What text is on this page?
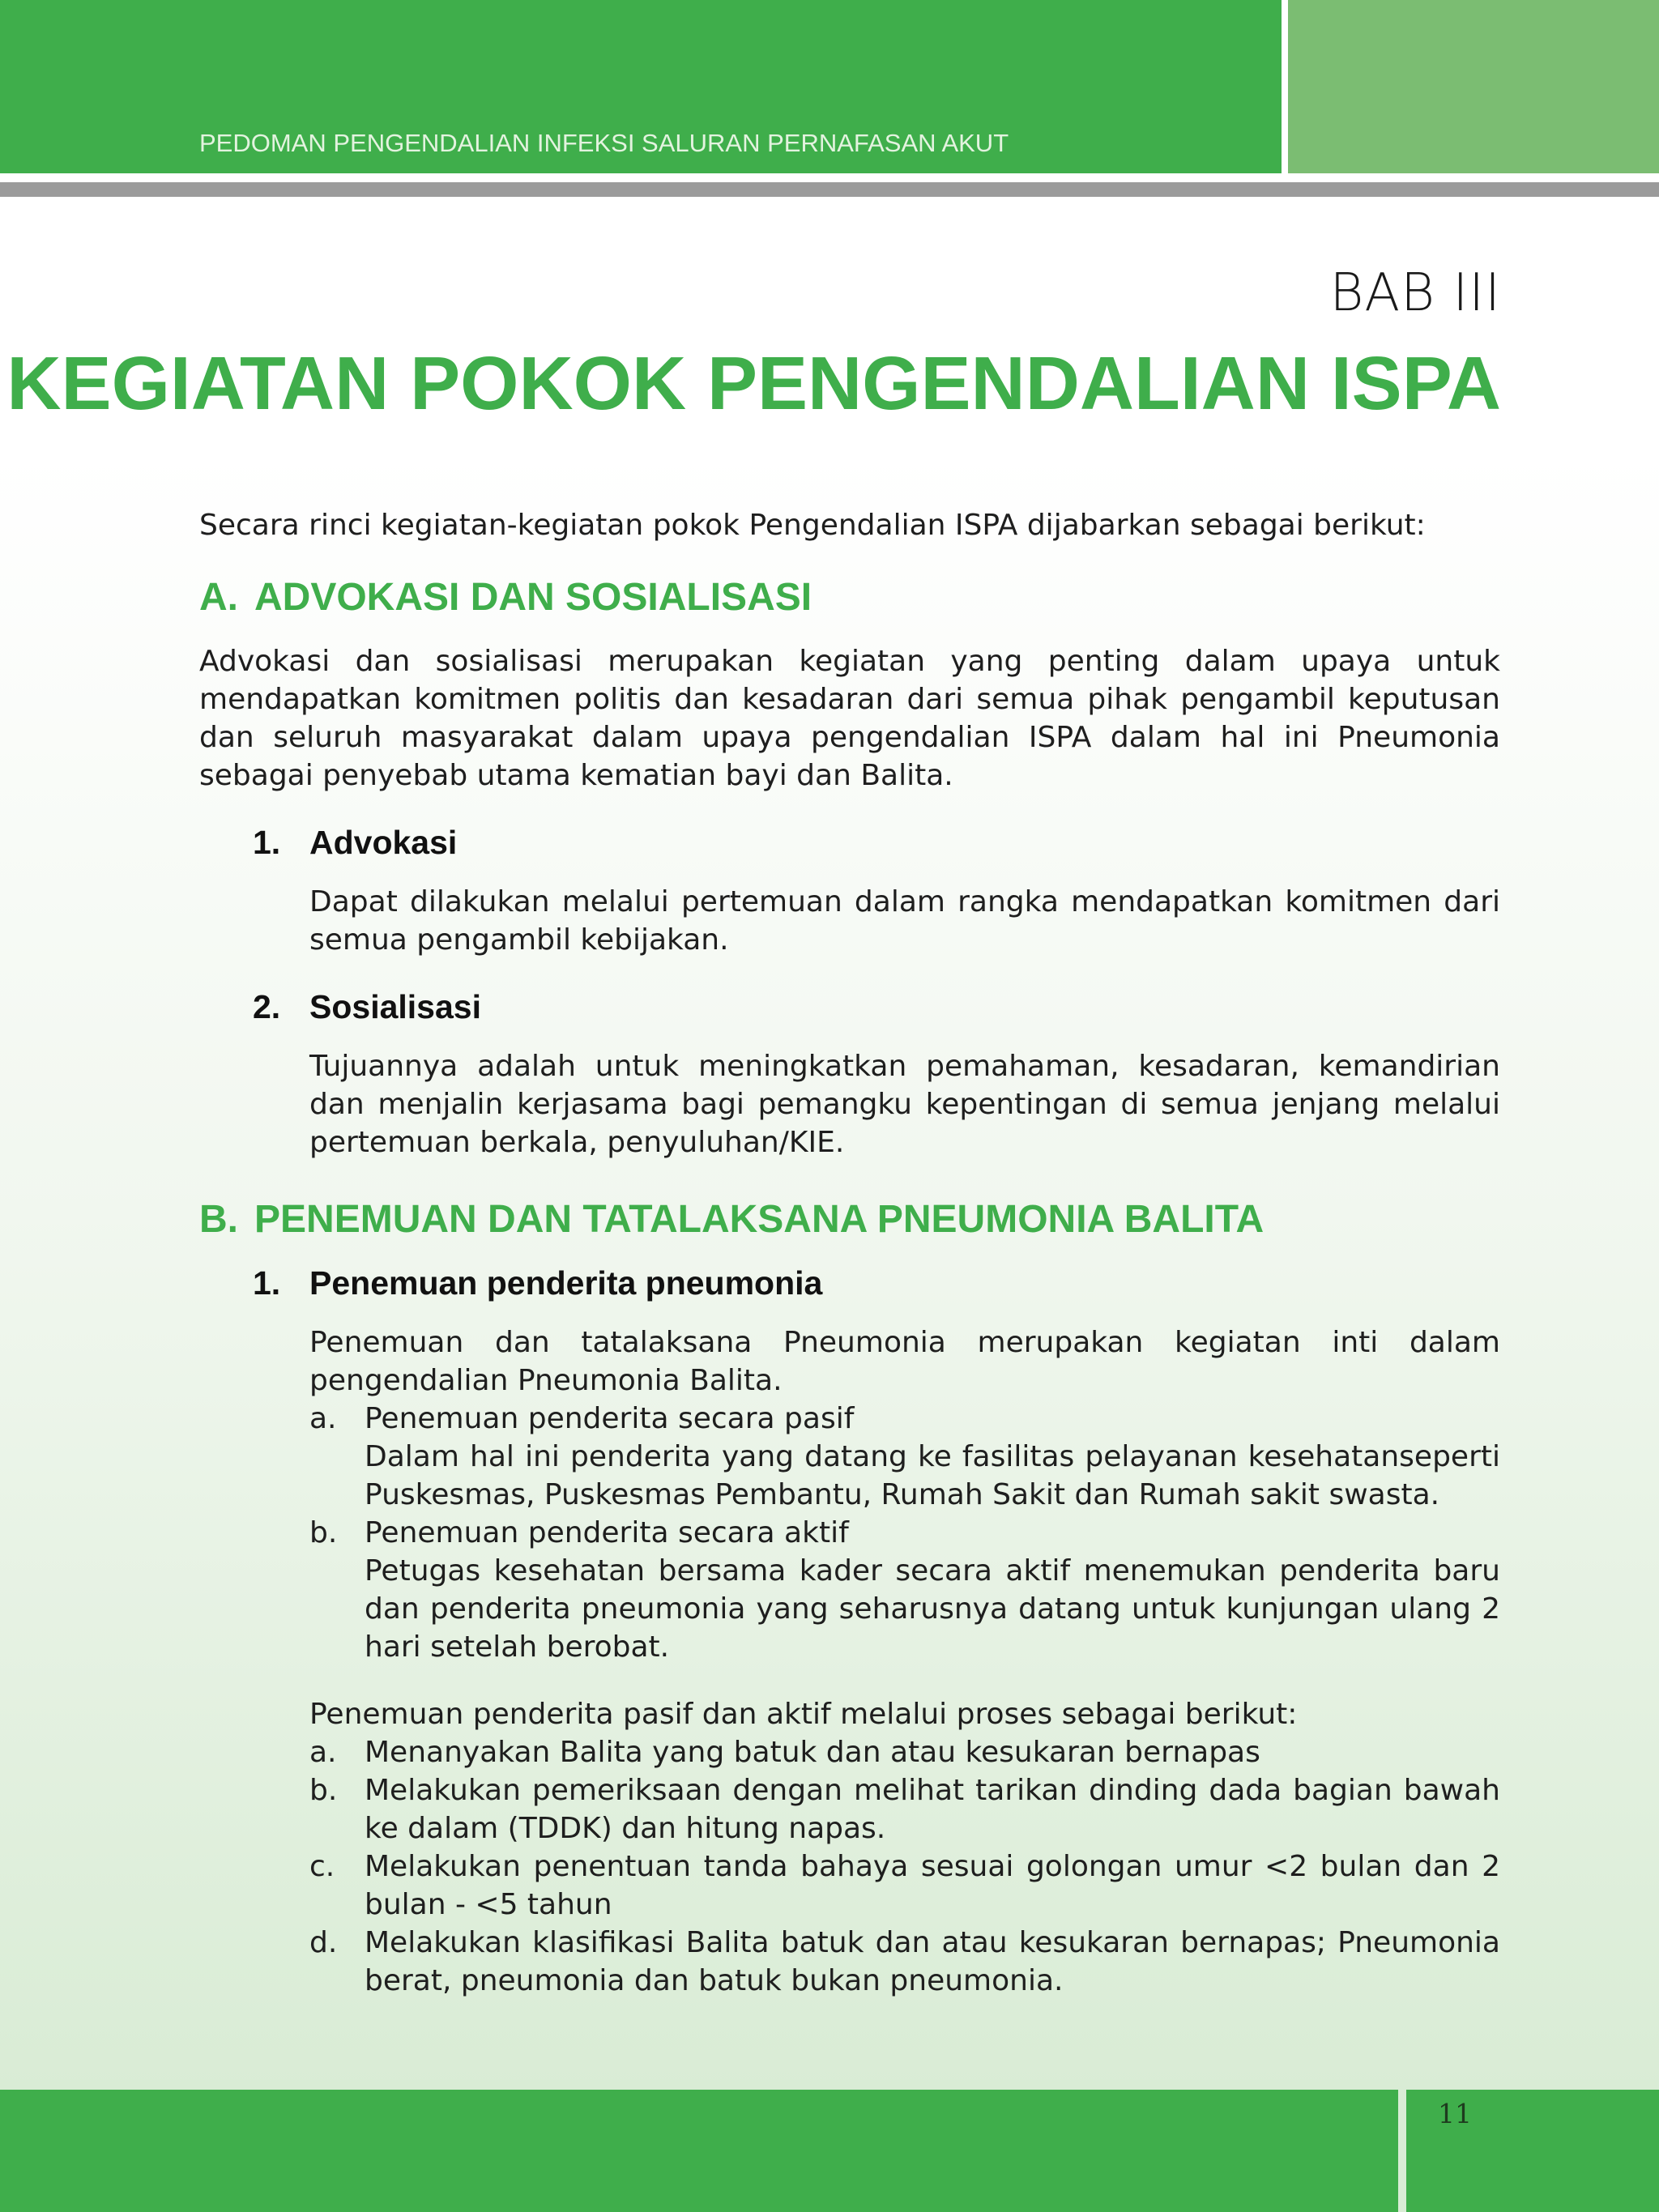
PEDOMAN PENGENDALIAN INFEKSI SALURAN PERNAFASAN AKUT

BAB III
KEGIATAN POKOK PENGENDALIAN ISPA

Secara rinci kegiatan-kegiatan pokok Pengendalian ISPA dijabarkan sebagai berikut:

A. ADVOKASI DAN SOSIALISASI

Advokasi dan sosialisasi merupakan kegiatan yang penting dalam upaya untuk mendapatkan komitmen politis dan kesadaran dari semua pihak pengambil keputusan dan seluruh masyarakat dalam upaya pengendalian ISPA dalam hal ini Pneumonia sebagai penyebab utama kematian bayi dan Balita.

1. Advokasi

Dapat dilakukan melalui pertemuan dalam rangka mendapatkan komitmen dari semua pengambil kebijakan.

2. Sosialisasi

Tujuannya adalah untuk meningkatkan pemahaman, kesadaran, kemandirian dan menjalin kerjasama bagi pemangku kepentingan di semua jenjang melalui pertemuan berkala, penyuluhan/KIE.

B. PENEMUAN DAN TATALAKSANA PNEUMONIA BALITA
1. Penemuan penderita pneumonia

Penemuan dan tatalaksana Pneumonia merupakan kegiatan inti dalam pengendalian Pneumonia Balita.

a. Penemuan penderita secara pasif
Dalam hal ini penderita yang datang ke fasilitas pelayanan kesehatanseperti Puskesmas, Puskesmas Pembantu, Rumah Sakit dan Rumah sakit swasta.
b. Penemuan penderita secara aktif
Petugas kesehatan bersama kader secara aktif menemukan penderita baru dan penderita pneumonia yang seharusnya datang untuk kunjungan ulang 2 hari setelah berobat.

Penemuan penderita pasif dan aktif melalui proses sebagai berikut:

a. Menanyakan Balita yang batuk dan atau kesukaran bernapas
b. Melakukan pemeriksaan dengan melihat tarikan dinding dada bagian bawah ke dalam (TDDK) dan hitung napas.
c.	Melakukan penentuan tanda bahaya sesuai golongan umur <2 bulan dan 2 bulan - <5 tahun
d. Melakukan klasifikasi Balita batuk dan atau kesukaran bernapas; Pneumonia berat, pneumonia dan batuk bukan pneumonia.

11
